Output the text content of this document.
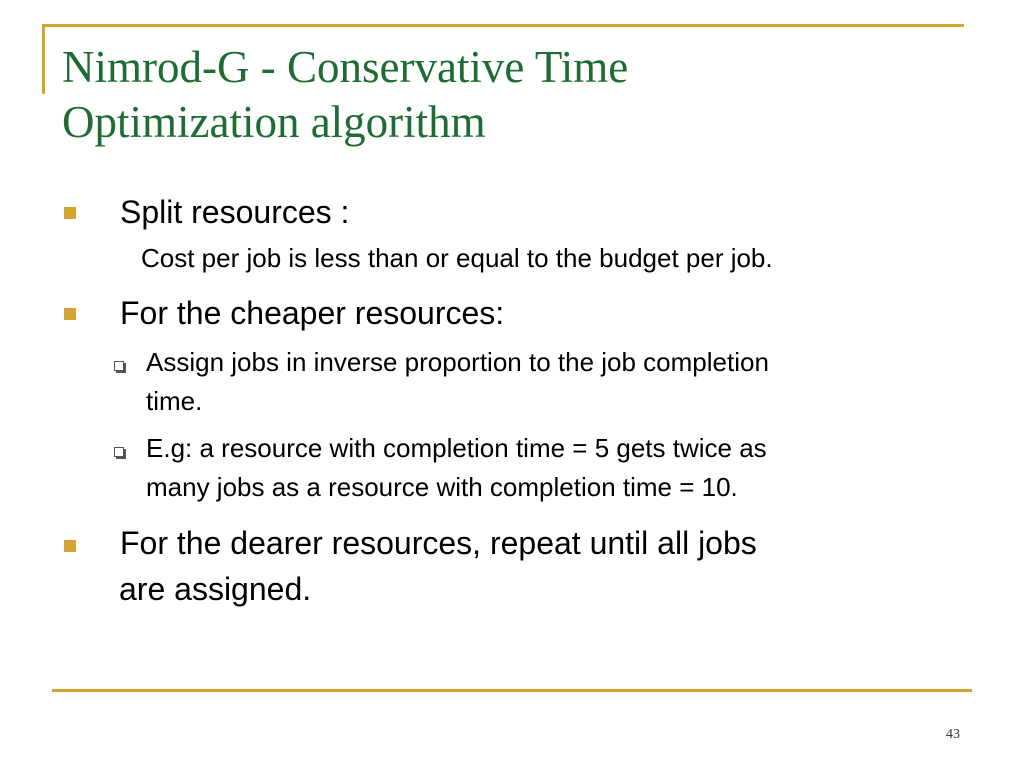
Nimrod-G - Conservative Time
Optimization algorithm
Split resources :
Cost per job is less than or equal to the budget per job.
For the cheaper resources:
Assign jobs in inverse proportion to the job completion
time.
E.g: a resource with completion time = 5 gets twice as
many jobs as a resource with completion time = 10.
For the dearer resources, repeat until all jobs
are assigned.
43
